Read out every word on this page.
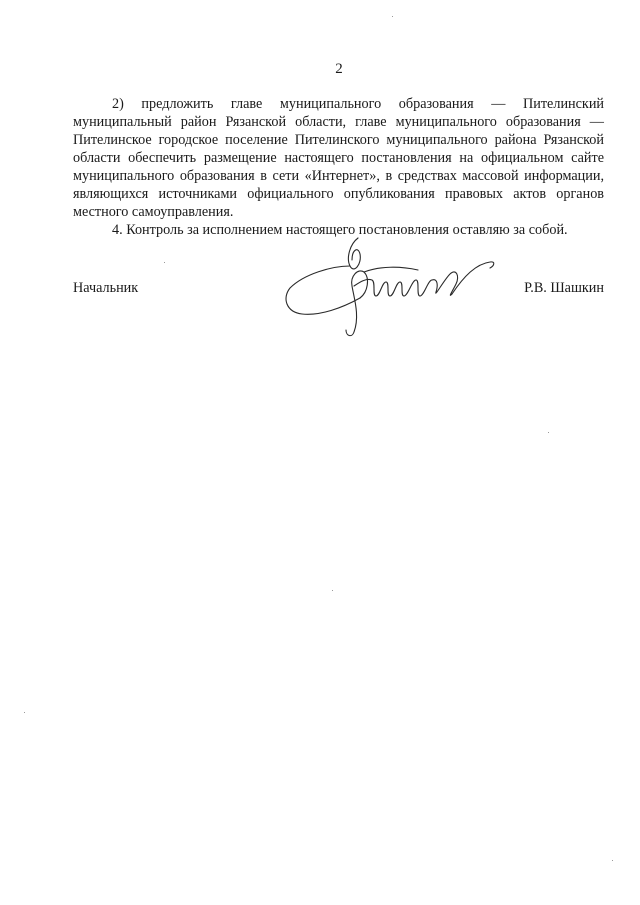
2

2) предложить главе муниципального образования — Пителинский муниципальный район Рязанской области, главе муниципального образования — Пителинское городское поселение Пителинского муниципального района Рязанской области обеспечить размещение настоящего постановления на официальном сайте муниципального образования в сети «Интернет», в средствах массовой информации, являющихся источниками официального опубликования правовых актов органов местного самоуправления.

4. Контроль за исполнением настоящего постановления оставляю за собой.

Начальник	Р.В. Шашкин
